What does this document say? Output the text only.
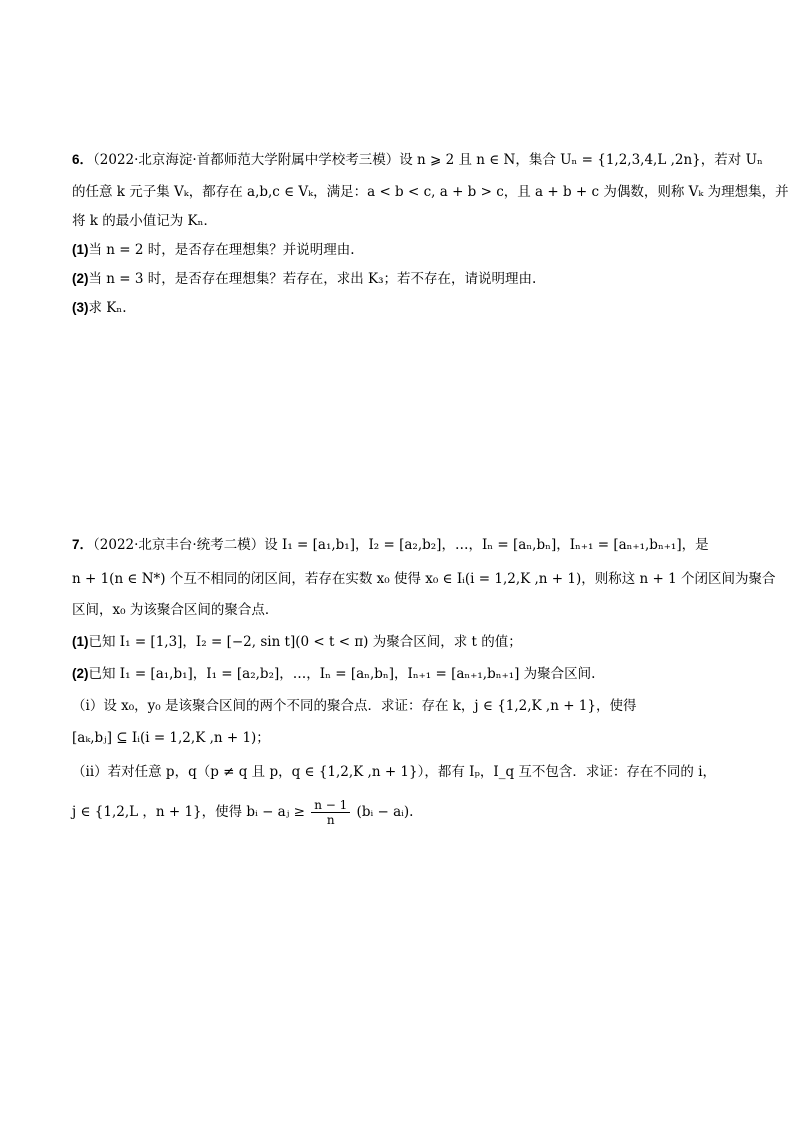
6．（2022·北京海淀·首都师范大学附属中学校考三模）设 n ⩾ 2 且 n ∈ N，集合 Uₙ = {1,2,3,4,L ,2n}，若对 Uₙ
的任意 k 元子集 Vₖ，都存在 a,b,c ∈ Vₖ，满足：a < b < c, a + b > c，且 a + b + c 为偶数，则称 Vₖ 为理想集，并
将 k 的最小值记为 Kₙ．
(1)当 n = 2 时，是否存在理想集？并说明理由.
(2)当 n = 3 时，是否存在理想集？若存在，求出 K₃；若不存在，请说明理由.
(3)求 Kₙ.
7．（2022·北京丰台·统考二模）设 I₁ = [a₁,b₁]，I₂ = [a₂,b₂]，…，Iₙ = [aₙ,bₙ]，Iₙ₊₁ = [aₙ₊₁,bₙ₊₁]，是
n + 1(n ∈ N*) 个互不相同的闭区间，若存在实数 x₀ 使得 x₀ ∈ Iᵢ(i = 1,2,K ,n + 1)，则称这 n + 1 个闭区间为聚合
区间，x₀ 为该聚合区间的聚合点．
(1)已知 I₁ = [1,3]，I₂ = [−2, sin t](0 < t < π) 为聚合区间，求 t 的值；
(2)已知 I₁ = [a₁,b₁]，I₁ = [a₂,b₂]，…，Iₙ = [aₙ,bₙ]，Iₙ₊₁ = [aₙ₊₁,bₙ₊₁] 为聚合区间.
（ⅰ）设 x₀，y₀ 是该聚合区间的两个不同的聚合点．求证：存在 k，j ∈ {1,2,K ,n + 1}，使得
[aₖ,bⱼ] ⊆ Iᵢ(i = 1,2,K ,n + 1)；
（ⅱ）若对任意 p，q（p ≠ q 且 p，q ∈ {1,2,K ,n + 1}），都有 Iₚ，I_q 互不包含．求证：存在不同的 i，
j ∈ {1,2,L ，n + 1}，使得 bᵢ − aⱼ ≥ $\frac{n - 1}{n}$ (bᵢ − aᵢ).
